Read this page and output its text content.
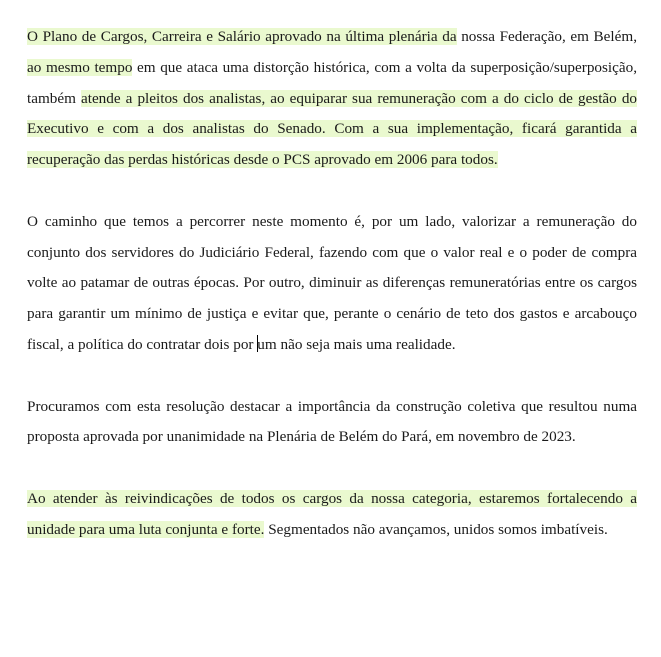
O Plano de Cargos, Carreira e Salário aprovado na última plenária da nossa Federação, em Belém, ao mesmo tempo em que ataca uma distorção histórica, com a volta da superposição/superposição, também atende a pleitos dos analistas, ao equiparar sua remuneração com a do ciclo de gestão do Executivo e com a dos analistas do Senado. Com a sua implementação, ficará garantida a recuperação das perdas históricas desde o PCS aprovado em 2006 para todos.

O caminho que temos a percorrer neste momento é, por um lado, valorizar a remuneração do conjunto dos servidores do Judiciário Federal, fazendo com que o valor real e o poder de compra volte ao patamar de outras épocas. Por outro, diminuir as diferenças remuneratórias entre os cargos para garantir um mínimo de justiça e evitar que, perante o cenário de teto dos gastos e arcabouço fiscal, a política do contratar dois por um não seja mais uma realidade.

Procuramos com esta resolução destacar a importância da construção coletiva que resultou numa proposta aprovada por unanimidade na Plenária de Belém do Pará, em novembro de 2023.

Ao atender às reivindicações de todos os cargos da nossa categoria, estaremos fortalecendo a unidade para uma luta conjunta e forte. Segmentados não avançamos, unidos somos imbatíveis.
